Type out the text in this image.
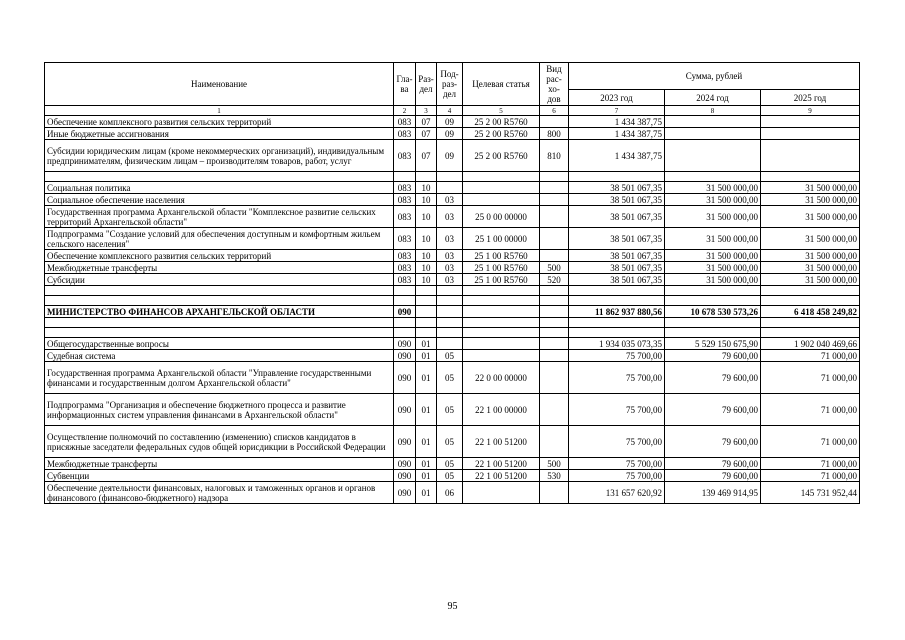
Наименование	Гла-ва	Раз-дел	Под-раз-дел	Целевая статья	Вид рас-хо-дов	Сумма, рублей		
						2023 год	2024 год	2025 год
1	2	3	4	5	6	7	8	9
Обеспечение комплексного развития сельских территорий	083	07	09	25 2 00 R5760		1 434 387,75		
Иные бюджетные ассигнования	083	07	09	25 2 00 R5760	800	1 434 387,75		
Субсидии юридическим лицам (кроме некоммерческих организаций), индивидуальным предпринимателям, физическим лицам – производителям товаров, работ, услуг	083	07	09	25 2 00 R5760	810	1 434 387,75		

Социальная политика	083	10				38 501 067,35	31 500 000,00	31 500 000,00
Социальное обеспечение населения	083	10	03			38 501 067,35	31 500 000,00	31 500 000,00
Государственная программа Архангельской области "Комплексное развитие сельских территорий Архангельской области"	083	10	03	25 0 00 00000		38 501 067,35	31 500 000,00	31 500 000,00
Подпрограмма "Создание условий для обеспечения доступным и комфортным жильем сельского населения"	083	10	03	25 1 00 00000		38 501 067,35	31 500 000,00	31 500 000,00
Обеспечение комплексного развития сельских территорий	083	10	03	25 1 00 R5760		38 501 067,35	31 500 000,00	31 500 000,00
Межбюджетные трансферты	083	10	03	25 1 00 R5760	500	38 501 067,35	31 500 000,00	31 500 000,00
Субсидии	083	10	03	25 1 00 R5760	520	38 501 067,35	31 500 000,00	31 500 000,00

МИНИСТЕРСТВО ФИНАНСОВ АРХАНГЕЛЬСКОЙ ОБЛАСТИ	090					11 862 937 880,56	10 678 530 573,26	6 418 458 249,82

Общегосударственные вопросы	090	01				1 934 035 073,35	5 529 150 675,90	1 902 040 469,66
Судебная система	090	01	05			75 700,00	79 600,00	71 000,00
Государственная программа Архангельской области "Управление государственными финансами и государственным долгом Архангельской области"	090	01	05	22 0 00 00000		75 700,00	79 600,00	71 000,00
Подпрограмма "Организация и обеспечение бюджетного процесса и развитие информационных систем управления финансами в Архангельской области"	090	01	05	22 1 00 00000		75 700,00	79 600,00	71 000,00
Осуществление полномочий по составлению (изменению) списков кандидатов в присяжные заседатели федеральных судов общей юрисдикции в Российской Федерации	090	01	05	22 1 00 51200		75 700,00	79 600,00	71 000,00
Межбюджетные трансферты	090	01	05	22 1 00 51200	500	75 700,00	79 600,00	71 000,00
Субвенции	090	01	05	22 1 00 51200	530	75 700,00	79 600,00	71 000,00
Обеспечение деятельности финансовых, налоговых и таможенных органов и органов финансового (финансово-бюджетного) надзора	090	01	06			131 657 620,92	139 469 914,95	145 731 952,44
95
